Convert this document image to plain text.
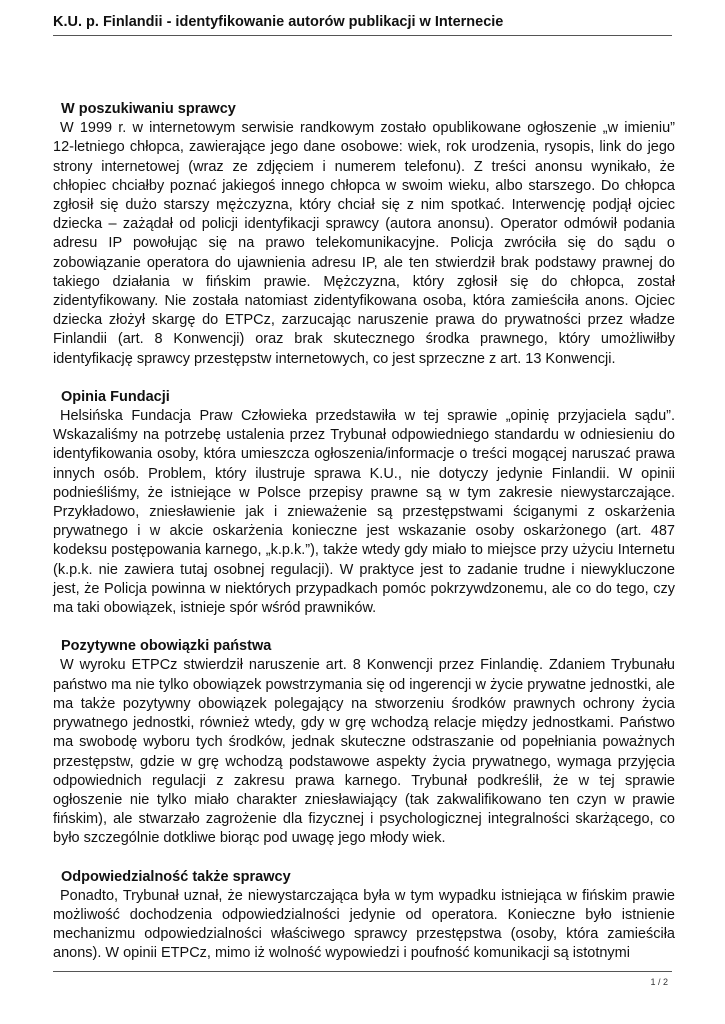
K.U. p. Finlandii - identyfikowanie autorów publikacji w Internecie

W poszukiwaniu sprawcy

W 1999 r. w internetowym serwisie randkowym zostało opublikowane ogłoszenie „w imieniu” 12-letniego chłopca, zawierające jego dane osobowe: wiek, rok urodzenia, rysopis, link do jego strony internetowej (wraz ze zdjęciem i numerem telefonu). Z treści anonsu wynikało, że chłopiec chciałby poznać jakiegoś innego chłopca w swoim wieku, albo starszego. Do chłopca zgłosił się dużo starszy mężczyzna, który chciał się z nim spotkać. Interwencję podjął ojciec dziecka – zażądał od policji identyfikacji sprawcy (autora anonsu). Operator odmówił podania adresu IP powołując się na prawo telekomunikacyjne. Policja zwróciła się do sądu o zobowiązanie operatora do ujawnienia adresu IP, ale ten stwierdził brak podstawy prawnej do takiego działania w fińskim prawie. Mężczyzna, który zgłosił się do chłopca, został zidentyfikowany. Nie została natomiast zidentyfikowana osoba, która zamieściła anons. Ojciec dziecka złożył skargę do ETPCz, zarzucając naruszenie prawa do prywatności przez władze Finlandii (art. 8 Konwencji) oraz brak skutecznego środka prawnego, który umożliwiłby identyfikację sprawcy przestępstw internetowych, co jest sprzeczne z art. 13 Konwencji.

Opinia Fundacji

Helsińska Fundacja Praw Człowieka przedstawiła w tej sprawie „opinię przyjaciela sądu”. Wskazaliśmy na potrzebę ustalenia przez Trybunał odpowiedniego standardu w odniesieniu do identyfikowania osoby, która umieszcza ogłoszenia/informacje o treści mogącej naruszać prawa innych osób. Problem, który ilustruje sprawa K.U., nie dotyczy jedynie Finlandii. W opinii podnieśliśmy, że istniejące w Polsce przepisy prawne są w tym zakresie niewystarczające. Przykładowo, zniesławienie jak i znieważenie są przestępstwami ściganymi z oskarżenia prywatnego i w akcie oskarżenia konieczne jest wskazanie osoby oskarżonego (art. 487 kodeksu postępowania karnego, „k.p.k.”), także wtedy gdy miało to miejsce przy użyciu Internetu (k.p.k. nie zawiera tutaj osobnej regulacji). W praktyce jest to zadanie trudne i niewykluczone jest, że Policja powinna w niektórych przypadkach pomóc pokrzywdzonemu, ale co do tego, czy ma taki obowiązek, istnieje spór wśród prawników.

Pozytywne obowiązki państwa

W wyroku ETPCz stwierdził naruszenie art. 8 Konwencji przez Finlandię. Zdaniem Trybunału państwo ma nie tylko obowiązek powstrzymania się od ingerencji w życie prywatne jednostki, ale ma także pozytywny obowiązek polegający na stworzeniu środków prawnych ochrony życia prywatnego jednostki, również wtedy, gdy w grę wchodzą relacje między jednostkami. Państwo ma swobodę wyboru tych środków, jednak skuteczne odstraszanie od popełniania poważnych przestępstw, gdzie w grę wchodzą podstawowe aspekty życia prywatnego, wymaga przyjęcia odpowiednich regulacji z zakresu prawa karnego. Trybunał podkreślił, że w tej sprawie ogłoszenie nie tylko miało charakter zniesławiający (tak zakwalifikowano ten czyn w prawie fińskim), ale stwarzało zagrożenie dla fizycznej i psychologicznej integralności skarżącego, co było szczególnie dotkliwe biorąc pod uwagę jego młody wiek.

Odpowiedzialność także sprawcy

Ponadto, Trybunał uznał, że niewystarczająca była w tym wypadku istniejąca w fińskim prawie możliwość dochodzenia odpowiedzialności jedynie od operatora. Konieczne było istnienie mechanizmu odpowiedzialności właściwego sprawcy przestępstwa (osoby, która zamieściła anons). W opinii ETPCz, mimo iż wolność wypowiedzi i poufność komunikacji są istotnymi

1 / 2
